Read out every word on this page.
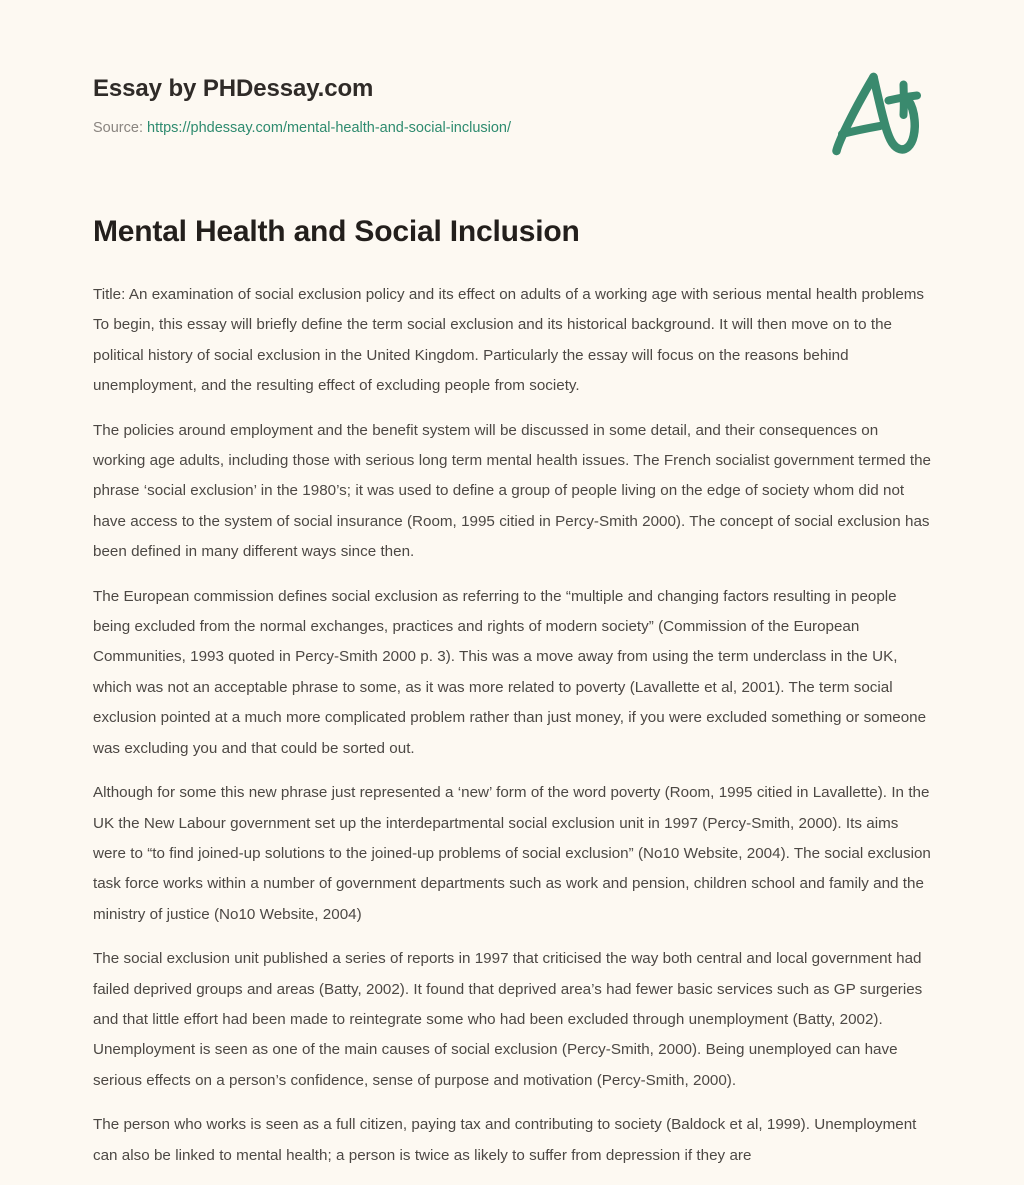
Essay by PHDessay.com
Source: https://phdessay.com/mental-health-and-social-inclusion/
Mental Health and Social Inclusion

Title: An examination of social exclusion policy and its effect on adults of a working age with serious mental health problems To begin, this essay will briefly define the term social exclusion and its historical background. It will then move on to the political history of social exclusion in the United Kingdom. Particularly the essay will focus on the reasons behind unemployment, and the resulting effect of excluding people from society.

The policies around employment and the benefit system will be discussed in some detail, and their consequences on working age adults, including those with serious long term mental health issues. The French socialist government termed the phrase ‘social exclusion’ in the 1980’s; it was used to define a group of people living on the edge of society whom did not have access to the system of social insurance (Room, 1995 citied in Percy-Smith 2000). The concept of social exclusion has been defined in many different ways since then.

The European commission defines social exclusion as referring to the “multiple and changing factors resulting in people being excluded from the normal exchanges, practices and rights of modern society” (Commission of the European Communities, 1993 quoted in Percy-Smith 2000 p. 3). This was a move away from using the term underclass in the UK, which was not an acceptable phrase to some, as it was more related to poverty (Lavallette et al, 2001). The term social exclusion pointed at a much more complicated problem rather than just money, if you were excluded something or someone was excluding you and that could be sorted out.

Although for some this new phrase just represented a ‘new’ form of the word poverty (Room, 1995 citied in Lavallette). In the UK the New Labour government set up the interdepartmental social exclusion unit in 1997 (Percy-Smith, 2000). Its aims were to “to find joined-up solutions to the joined-up problems of social exclusion” (No10 Website, 2004). The social exclusion task force works within a number of government departments such as work and pension, children school and family and the ministry of justice (No10 Website, 2004)

The social exclusion unit published a series of reports in 1997 that criticised the way both central and local government had failed deprived groups and areas (Batty, 2002). It found that deprived area’s had fewer basic services such as GP surgeries and that little effort had been made to reintegrate some who had been excluded through unemployment (Batty, 2002). Unemployment is seen as one of the main causes of social exclusion (Percy-Smith, 2000). Being unemployed can have serious effects on a person’s confidence, sense of purpose and motivation (Percy-Smith, 2000).

The person who works is seen as a full citizen, paying tax and contributing to society (Baldock et al, 1999). Unemployment can also be linked to mental health; a person is twice as likely to suffer from depression if they are
